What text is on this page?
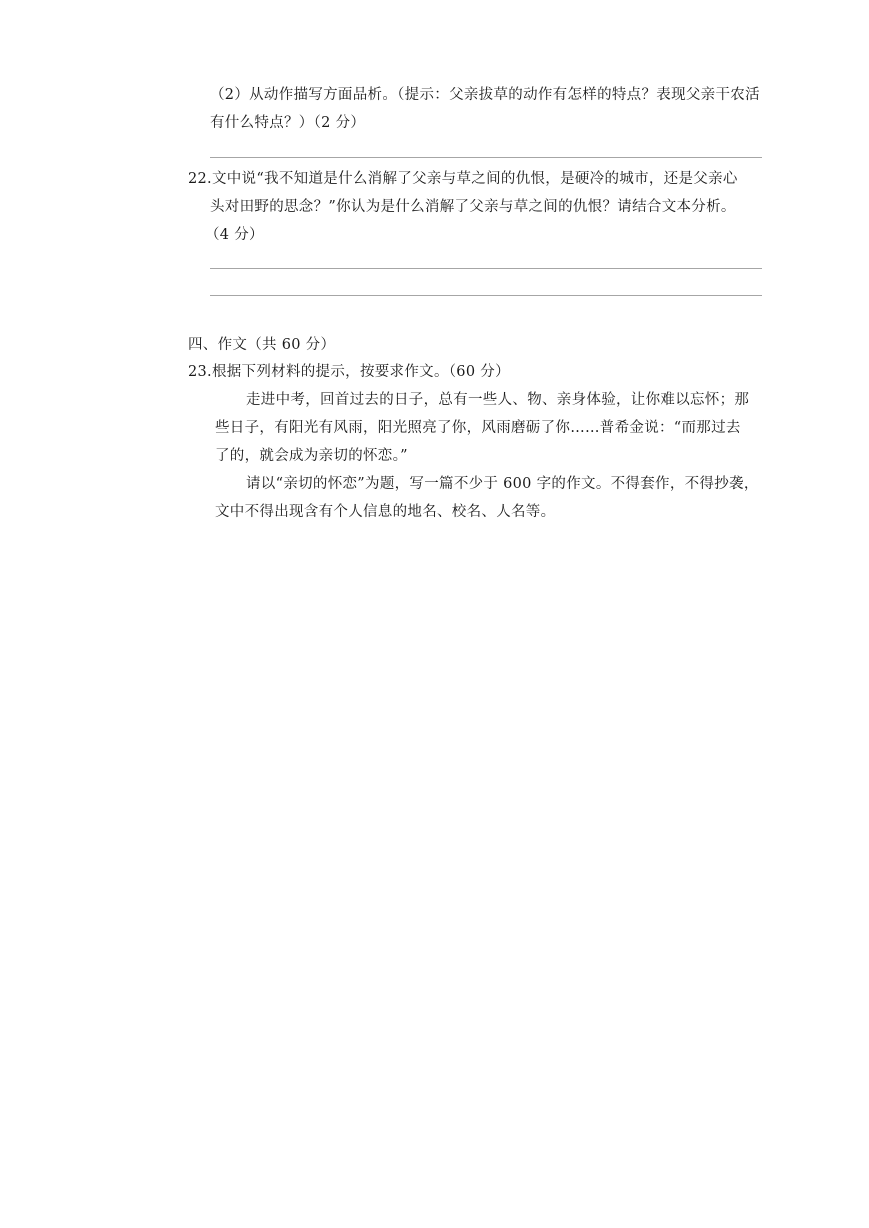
（2）从动作描写方面品析。（提示：父亲拔草的动作有怎样的特点？表现父亲干农活
有什么特点？）（2 分）
22.文中说“我不知道是什么消解了父亲与草之间的仇恨，是硬冷的城市，还是父亲心
头对田野的思念？”你认为是什么消解了父亲与草之间的仇恨？请结合文本分析。
（4 分）
四、作文（共 60 分）
23.根据下列材料的提示，按要求作文。（60 分）
走进中考，回首过去的日子，总有一些人、物、亲身体验，让你难以忘怀；那
些日子，有阳光有风雨，阳光照亮了你，风雨磨砺了你……普希金说：“而那过去
了的，就会成为亲切的怀恋。”
请以“亲切的怀恋”为题，写一篇不少于 600 字的作文。不得套作，不得抄袭，
文中不得出现含有个人信息的地名、校名、人名等。
